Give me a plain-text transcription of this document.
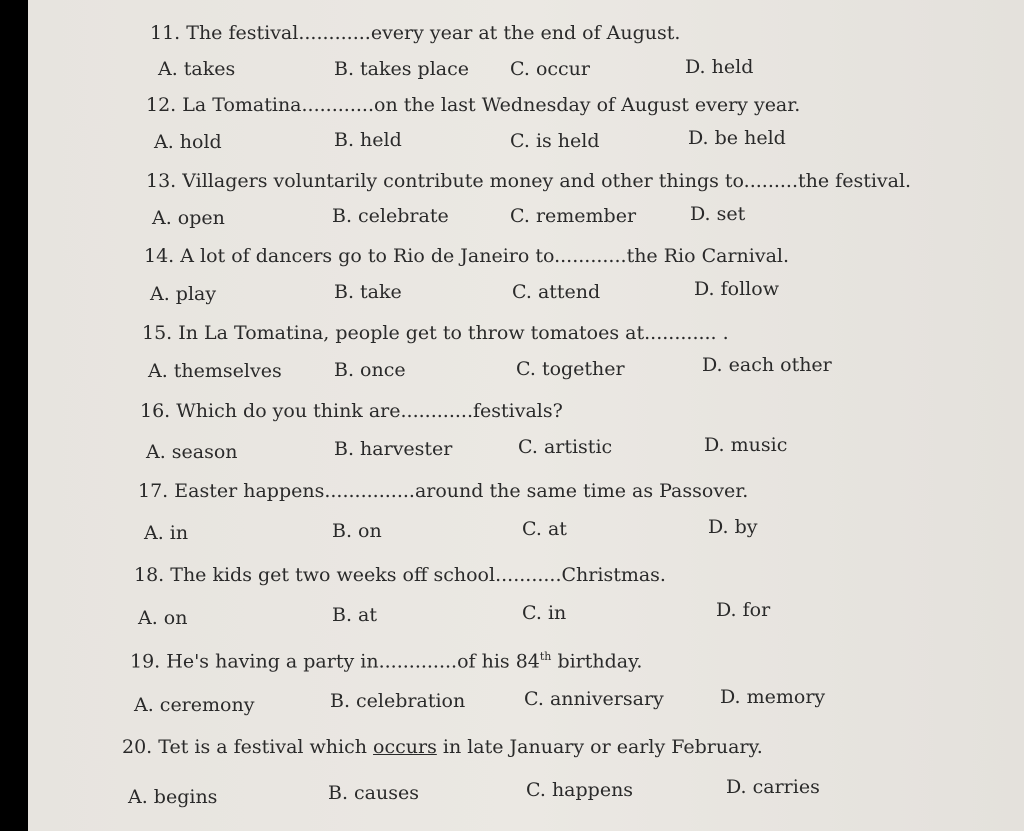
11. The festival............every year at the end of August.
A. takes	B. takes place C. occur	D. held
12. La Tomatina............on the last Wednesday of August every year.
A. hold	B. held	C. is held	D. be held
13. Villagers voluntarily contribute money and other things to.........the festival.
A. open	B. celebrate	C. remember	D. set
14. A lot of dancers go to Rio de Janeiro to............the Rio Carnival.
A. play	B. take	C. attend	D. follow
15. In La Tomatina, people get to throw tomatoes at............ .
A. themselves	B. once	C. together	D. each other
16. Which do you think are............festivals?
A. season	B. harvester	C. artistic	D. music
17. Easter happens...............around the same time as Passover.
A. in	B. on	C. at	D. by
18. The kids get two weeks off school...........Christmas.
A. on	B. at	C. in	D. for
19. He's having a party in.............of his 84th birthday.
A. ceremony	B. celebration	C. anniversary	D. memory
20. Tet is a festival which occurs in late January or early February.
A. begins	B. causes	C. happens	D. carries
